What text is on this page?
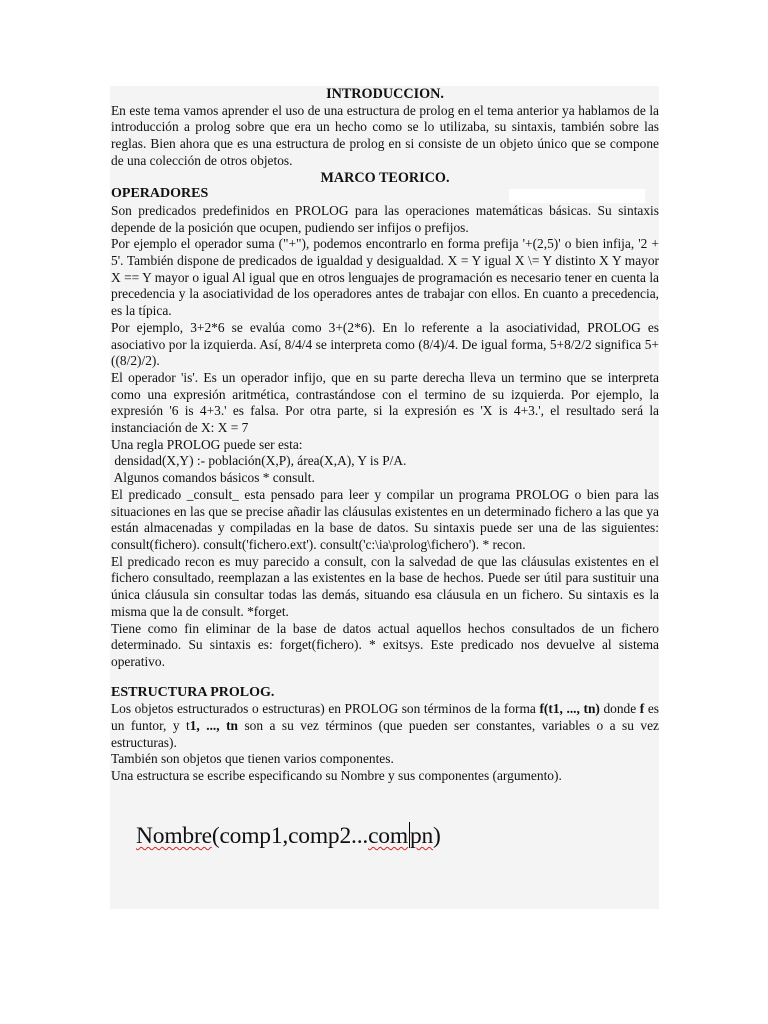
INTRODUCCION.

En este tema vamos aprender el uso de una estructura de prolog en el tema anterior ya hablamos de la introducción a prolog sobre que era un hecho como se lo utilizaba, su sintaxis, también sobre las reglas. Bien ahora que es una estructura de prolog en si consiste de un objeto único que se compone de una colección de otros objetos.

MARCO TEORICO.

OPERADORES

Son predicados predefinidos en PROLOG para las operaciones matemáticas básicas. Su sintaxis depende de la posición que ocupen, pudiendo ser infijos o prefijos.

Por ejemplo el operador suma ("+"), podemos encontrarlo en forma prefija '+(2,5)' o bien infija, '2 + 5'. También dispone de predicados de igualdad y desigualdad. X = Y igual X \= Y distinto X Y mayor X == Y mayor o igual Al igual que en otros lenguajes de programación es necesario tener en cuenta la precedencia y la asociatividad de los operadores antes de trabajar con ellos. En cuanto a precedencia, es la típica.

Por ejemplo, 3+2*6 se evalúa como 3+(2*6). En lo referente a la asociatividad, PROLOG es asociativo por la izquierda. Así, 8/4/4 se interpreta como (8/4)/4. De igual forma, 5+8/2/2 significa 5+((8/2)/2).

El operador 'is'. Es un operador infijo, que en su parte derecha lleva un termino que se interpreta como una expresión aritmética, contrastándose con el termino de su izquierda. Por ejemplo, la expresión '6 is 4+3.' es falsa. Por otra parte, si la expresión es 'X is 4+3.', el resultado será la instanciación de X: X = 7

Una regla PROLOG puede ser esta:

densidad(X,Y) :- población(X,P), área(X,A), Y is P/A.

Algunos comandos básicos * consult.

El predicado _consult_ esta pensado para leer y compilar un programa PROLOG o bien para las situaciones en las que se precise añadir las cláusulas existentes en un determinado fichero a las que ya están almacenadas y compiladas en la base de datos. Su sintaxis puede ser una de las siguientes: consult(fichero). consult('fichero.ext'). consult('c:\ia\prolog\fichero'). * recon.

El predicado recon es muy parecido a consult, con la salvedad de que las cláusulas existentes en el fichero consultado, reemplazan a las existentes en la base de hechos. Puede ser útil para sustituir una única cláusula sin consultar todas las demás, situando esa cláusula en un fichero. Su sintaxis es la misma que la de consult. *forget.

Tiene como fin eliminar de la base de datos actual aquellos hechos consultados de un fichero determinado. Su sintaxis es: forget(fichero). * exitsys. Este predicado nos devuelve al sistema operativo.

ESTRUCTURA PROLOG.

Los objetos estructurados o estructuras) en PROLOG son términos de la forma f(t1, ..., tn) donde f es un funtor, y t1, ..., tn son a su vez términos (que pueden ser constantes, variables o a su vez estructuras).

También son objetos que tienen varios componentes.

Una estructura se escribe especificando su Nombre y sus componentes (argumento).

Nombre(comp1,comp2...compn)
